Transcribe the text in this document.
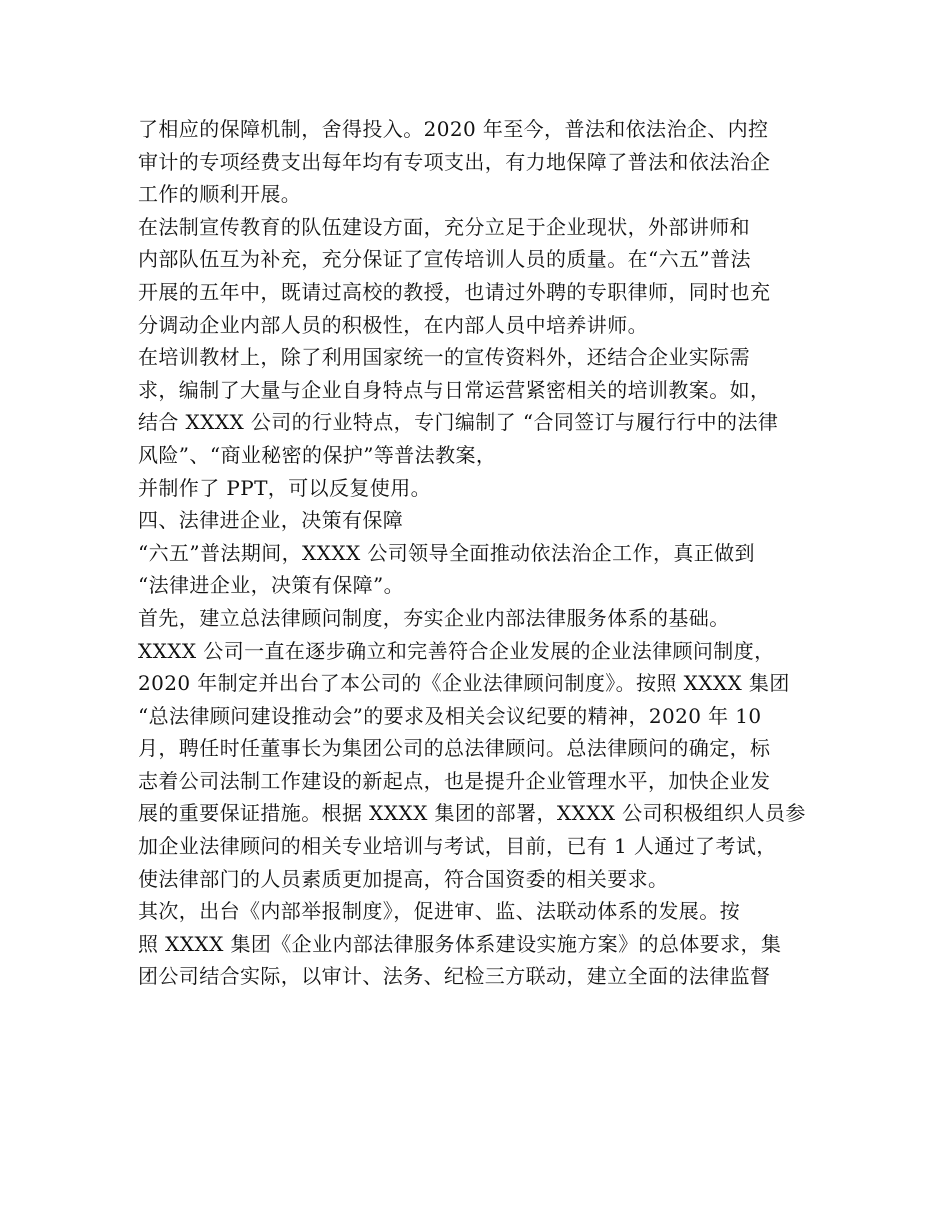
了相应的保障机制，舍得投入。2020 年至今，普法和依法治企、内控
审计的专项经费支出每年均有专项支出，有力地保障了普法和依法治企
工作的顺利开展。
在法制宣传教育的队伍建设方面，充分立足于企业现状，外部讲师和
内部队伍互为补充，充分保证了宣传培训人员的质量。在“六五”普法
开展的五年中，既请过高校的教授，也请过外聘的专职律师，同时也充
分调动企业内部人员的积极性，在内部人员中培养讲师。
在培训教材上，除了利用国家统一的宣传资料外，还结合企业实际需
求，编制了大量与企业自身特点与日常运营紧密相关的培训教案。如，
结合 XXXX 公司的行业特点，专门编制了 “合同签订与履行行中的法律
风险”、“商业秘密的保护”等普法教案，
并制作了 PPT，可以反复使用。
四、法律进企业，决策有保障
“六五”普法期间，XXXX 公司领导全面推动依法治企工作，真正做到
“法律进企业，决策有保障”。
首先，建立总法律顾问制度，夯实企业内部法律服务体系的基础。
XXXX 公司一直在逐步确立和完善符合企业发展的企业法律顾问制度，
2020 年制定并出台了本公司的《企业法律顾问制度》。按照 XXXX 集团
“总法律顾问建设推动会”的要求及相关会议纪要的精神，2020 年 10
月，聘任时任董事长为集团公司的总法律顾问。总法律顾问的确定，标
志着公司法制工作建设的新起点，也是提升企业管理水平，加快企业发
展的重要保证措施。根据 XXXX 集团的部署，XXXX 公司积极组织人员参
加企业法律顾问的相关专业培训与考试，目前，已有 1 人通过了考试，
使法律部门的人员素质更加提高，符合国资委的相关要求。
其次，出台《内部举报制度》，促进审、监、法联动体系的发展。按
照 XXXX 集团《企业内部法律服务体系建设实施方案》的总体要求，集
团公司结合实际，以审计、法务、纪检三方联动，建立全面的法律监督
